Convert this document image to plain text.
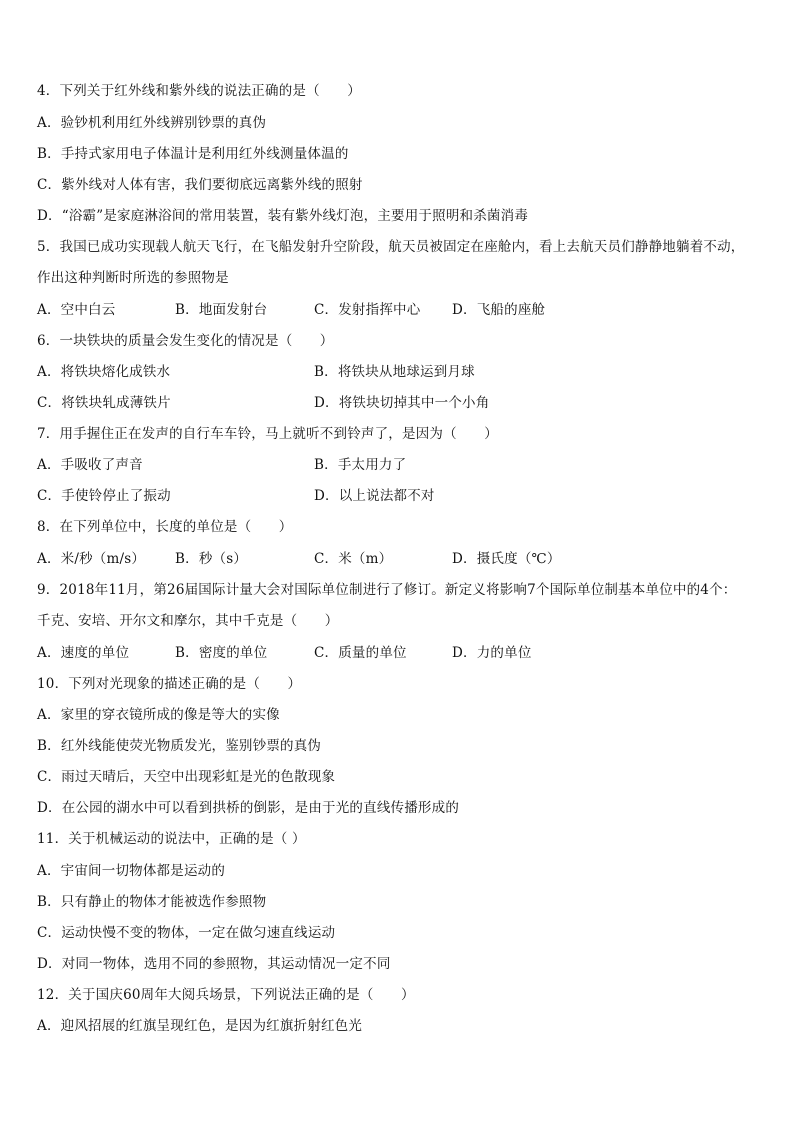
4．下列关于红外线和紫外线的说法正确的是（　　）
A．验钞机利用红外线辨别钞票的真伪
B．手持式家用电子体温计是利用红外线测量体温的
C．紫外线对人体有害，我们要彻底远离紫外线的照射
D．“浴霸”是家庭淋浴间的常用装置，装有紫外线灯泡，主要用于照明和杀菌消毒
5．我国已成功实现载人航天飞行，在飞船发射升空阶段，航天员被固定在座舱内，看上去航天员们静静地躺着不动，
作出这种判断时所选的参照物是
A．空中白云	B．地面发射台	C．发射指挥中心 D．飞船的座舱
6．一块铁块的质量会发生变化的情况是（　　）
A．将铁块熔化成铁水	B．将铁块从地球运到月球
C．将铁块轧成薄铁片	D．将铁块切掉其中一个小角
7．用手握住正在发声的自行车车铃，马上就听不到铃声了，是因为（　　）
A．手吸收了声音	B．手太用力了
C．手使铃停止了振动	D．以上说法都不对
8．在下列单位中，长度的单位是（　　）
A．米/秒（m/s） B．秒（s）	C．米（m）	D．摄氏度（℃）
9．2018年11月，第26届国际计量大会对国际单位制进行了修订。新定义将影响7个国际单位制基本单位中的4个：
千克、安培、开尔文和摩尔，其中千克是（　　）
A．速度的单位	B．密度的单位	C．质量的单位	D．力的单位
10．下列对光现象的描述正确的是（　　）
A．家里的穿衣镜所成的像是等大的实像
B．红外线能使荧光物质发光，鉴别钞票的真伪
C．雨过天晴后，天空中出现彩虹是光的色散现象
D．在公园的湖水中可以看到拱桥的倒影，是由于光的直线传播形成的
11．关于机械运动的说法中，正确的是（ ）
A．宇宙间一切物体都是运动的
B．只有静止的物体才能被选作参照物
C．运动快慢不变的物体，一定在做匀速直线运动
D．对同一物体，选用不同的参照物，其运动情况一定不同
12．关于国庆60周年大阅兵场景，下列说法正确的是（　　）
A．迎风招展的红旗呈现红色，是因为红旗折射红色光
